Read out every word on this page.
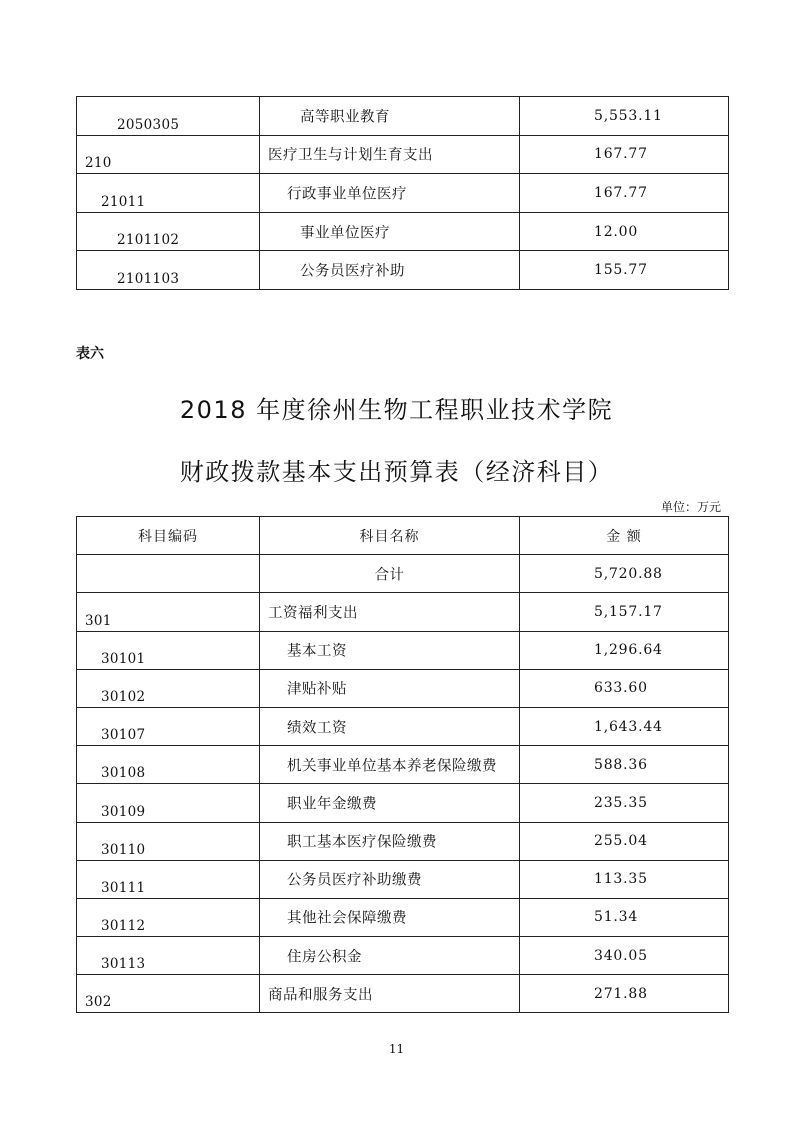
2050305	高等职业教育	5,553.11

210	医疗卫生与计划生育支出	167.77

21011	行政事业单位医疗	167.77

2101102	事业单位医疗	12.00

2101103	公务员医疗补助	155.77
表六
2018 年度徐州生物工程职业技术学院
财政拨款基本支出预算表（经济科目）
单位：万元
科目编码	科目名称	金 额

	合计	5,720.88

301	工资福利支出	5,157.17

30101	基本工资	1,296.64

30102	津贴补贴	633.60

30107	绩效工资	1,643.44

30108	机关事业单位基本养老保险缴费	588.36

30109	职业年金缴费	235.35

30110	职工基本医疗保险缴费	255.04

30111	公务员医疗补助缴费	113.35

30112	其他社会保障缴费	51.34

30113	住房公积金	340.05

302	商品和服务支出	271.88
11
